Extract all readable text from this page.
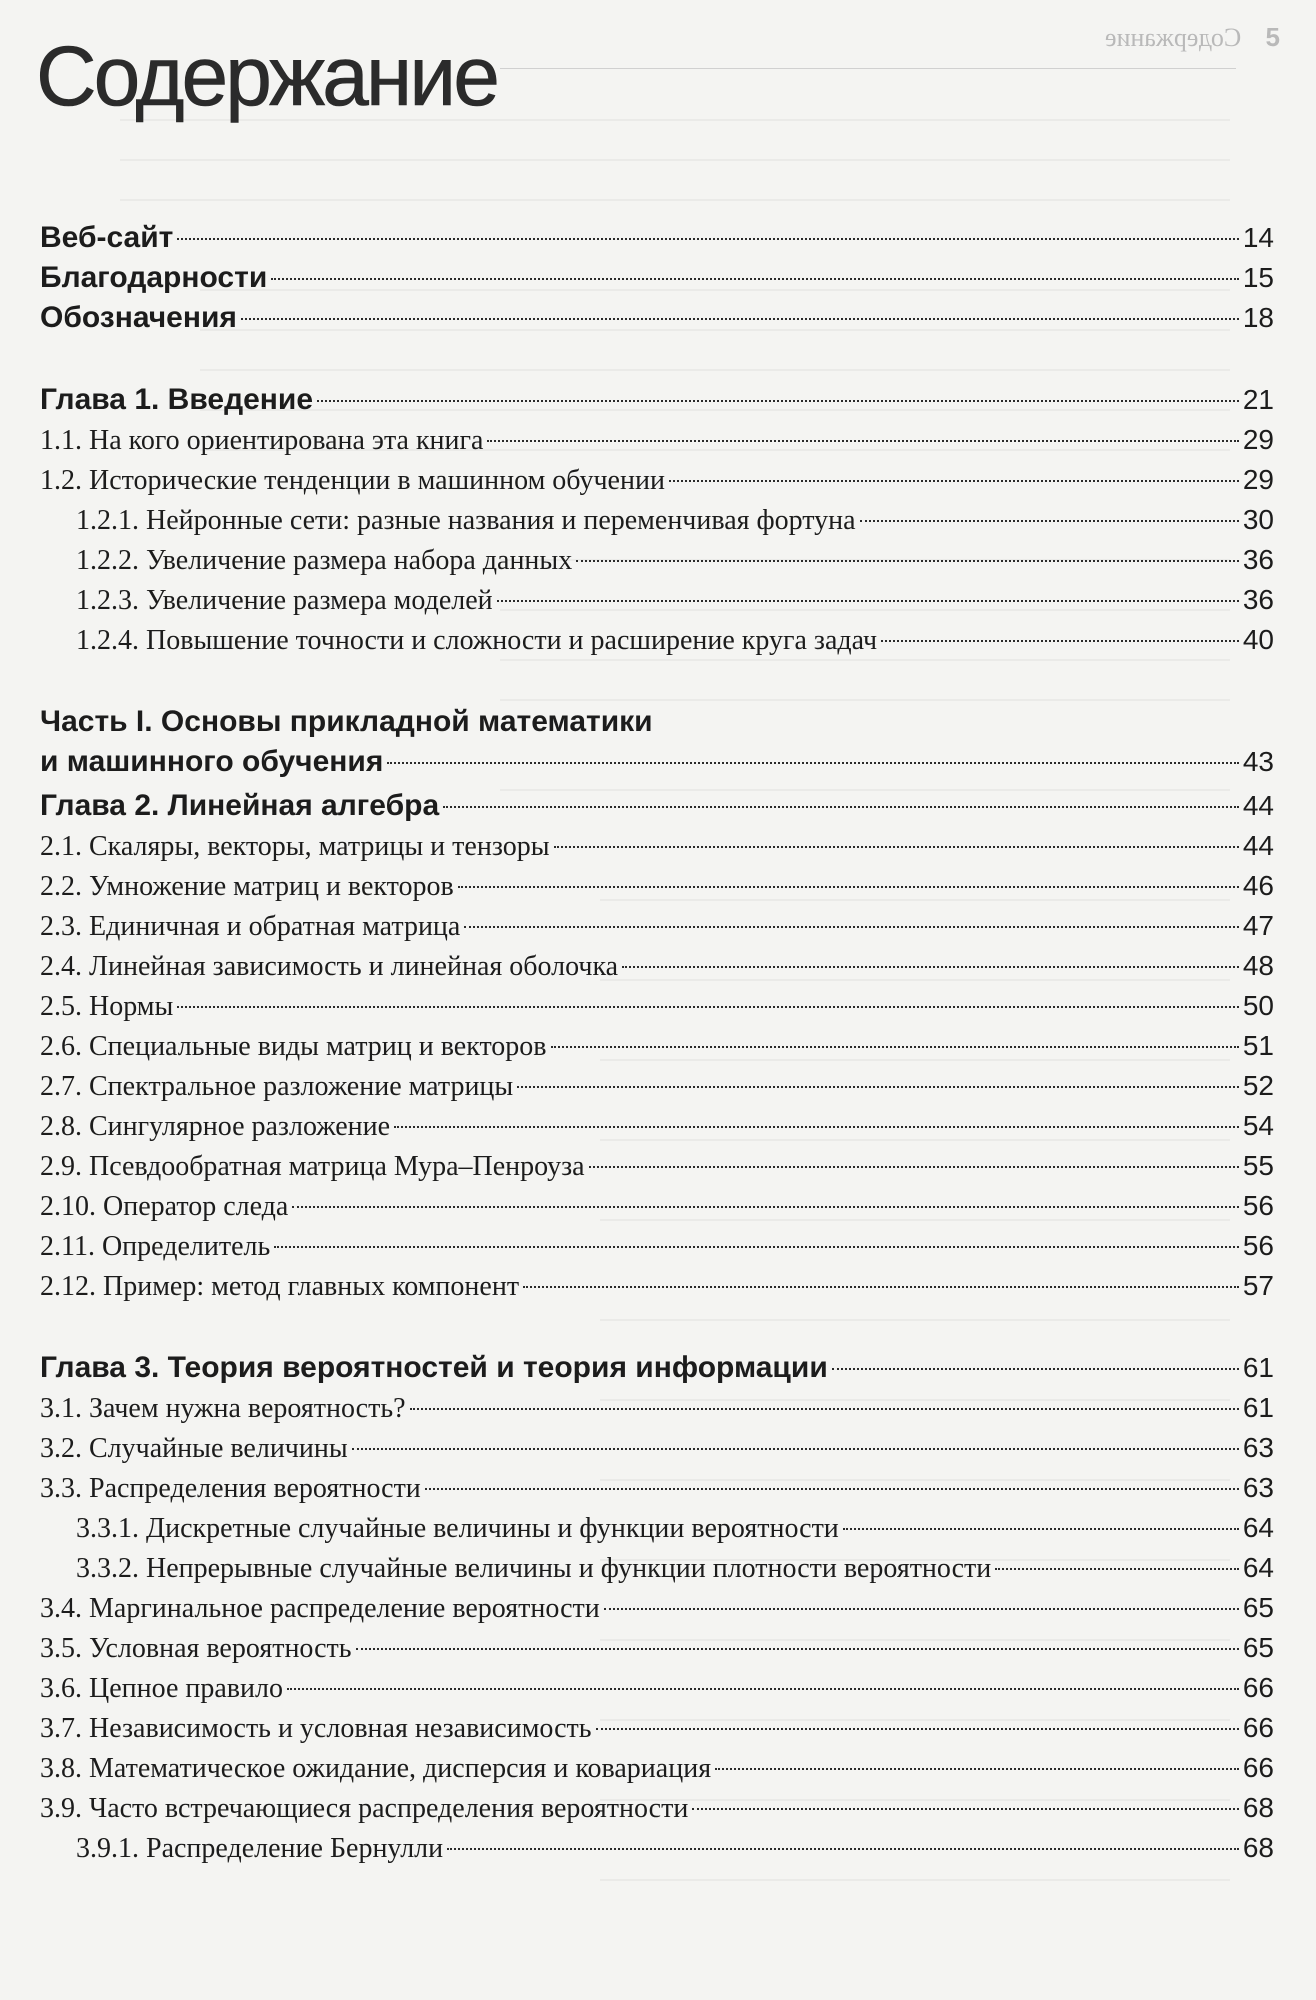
Содержание 5
Содержание
Веб-сайт	14
Благодарности	15
Обозначения	18
Глава 1. Введение	21
1.1. На кого ориентирована эта книга	29
1.2. Исторические тенденции в машинном обучении	29
1.2.1. Нейронные сети: разные названия и переменчивая фортуна	30
1.2.2. Увеличение размера набора данных	36
1.2.3. Увеличение размера моделей	36
1.2.4. Повышение точности и сложности и расширение круга задач	40
Часть I. Основы прикладной математики
и машинного обучения	43
Глава 2. Линейная алгебра	44
2.1. Скаляры, векторы, матрицы и тензоры	44
2.2. Умножение матриц и векторов	46
2.3. Единичная и обратная матрица	47
2.4. Линейная зависимость и линейная оболочка	48
2.5. Нормы	50
2.6. Специальные виды матриц и векторов	51
2.7. Спектральное разложение матрицы	52
2.8. Сингулярное разложение	54
2.9. Псевдообратная матрица Мура–Пенроуза	55
2.10. Оператор следа	56
2.11. Определитель	56
2.12. Пример: метод главных компонент	57
Глава 3. Теория вероятностей и теория информации	61
3.1. Зачем нужна вероятность?	61
3.2. Случайные величины	63
3.3. Распределения вероятности	63
3.3.1. Дискретные случайные величины и функции вероятности	64
3.3.2. Непрерывные случайные величины и функции плотности вероятности	64
3.4. Маргинальное распределение вероятности	65
3.5. Условная вероятность	65
3.6. Цепное правило	66
3.7. Независимость и условная независимость	66
3.8. Математическое ожидание, дисперсия и ковариация	66
3.9. Часто встречающиеся распределения вероятности	68
3.9.1. Распределение Бернулли	68
